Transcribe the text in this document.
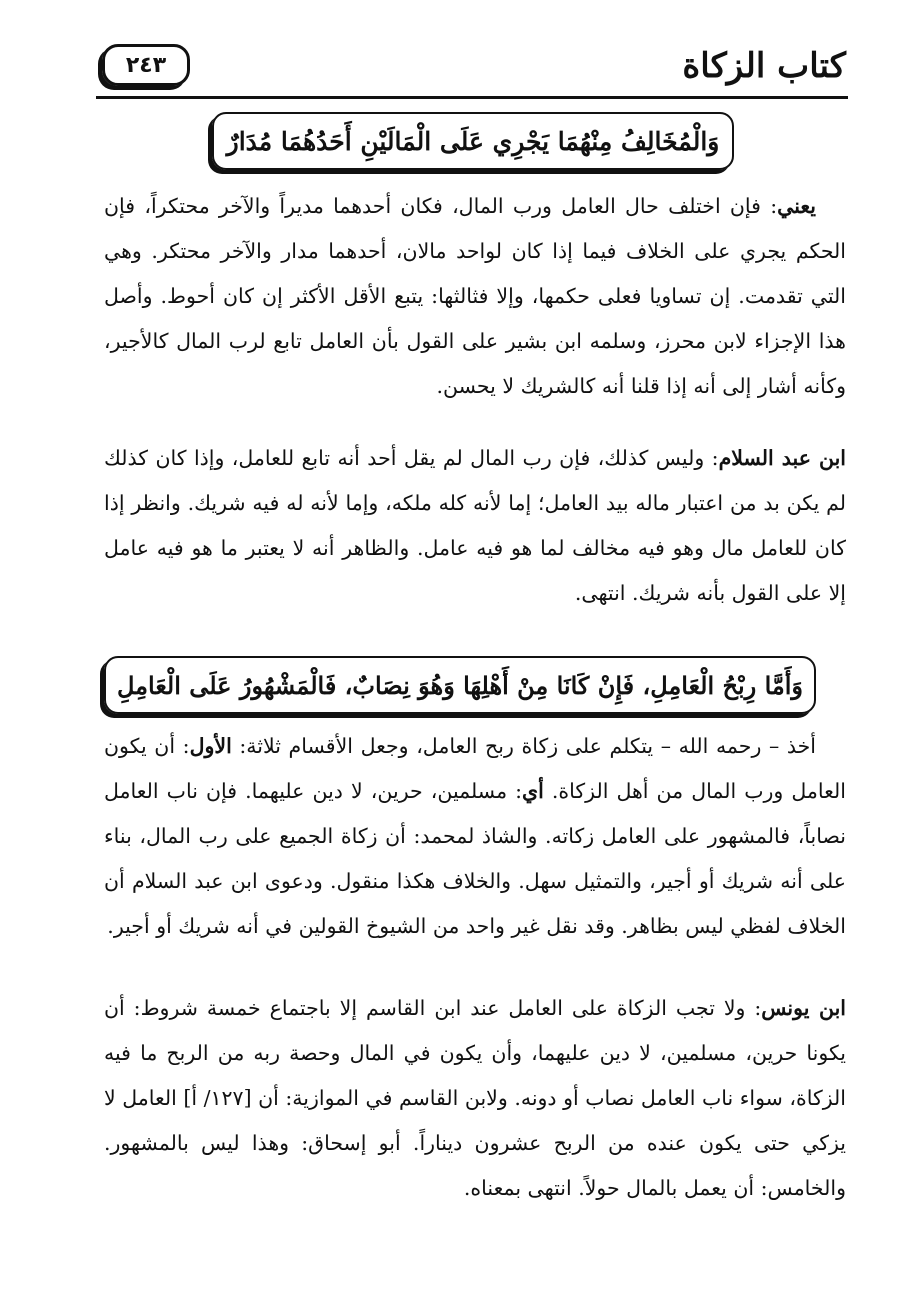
كتاب الزكاة
٢٤٣
وَالْمُخَالِفُ مِنْهُمَا يَجْرِي عَلَى الْمَالَيْنِ أَحَدُهُمَا مُدَارٌ
يعني: فإن اختلف حال العامل ورب المال، فكان أحدهما مديراً والآخر محتكراً، فإن الحكم يجري على الخلاف فيما إذا كان لواحد مالان، أحدهما مدار والآخر محتكر. وهي التي تقدمت. إن تساويا فعلى حكمها، وإلا فثالثها: يتبع الأقل الأكثر إن كان أحوط. وأصل هذا الإجزاء لابن محرز، وسلمه ابن بشير على القول بأن العامل تابع لرب المال كالأجير، وكأنه أشار إلى أنه إذا قلنا أنه كالشريك لا يحسن.
ابن عبد السلام: وليس كذلك، فإن رب المال لم يقل أحد أنه تابع للعامل، وإذا كان كذلك لم يكن بد من اعتبار ماله بيد العامل؛ إما لأنه كله ملكه، وإما لأنه له فيه شريك. وانظر إذا كان للعامل مال وهو فيه مخالف لما هو فيه عامل. والظاهر أنه لا يعتبر ما هو فيه عامل إلا على القول بأنه شريك. انتهى.
وَأَمَّا رِبْحُ الْعَامِلِ، فَإِنْ كَانَا مِنْ أَهْلِهَا وَهُوَ نِصَابٌ، فَالْمَشْهُورُ عَلَى الْعَامِلِ
أخذ – رحمه الله – يتكلم على زكاة ربح العامل، وجعل الأقسام ثلاثة: الأول: أن يكون العامل ورب المال من أهل الزكاة. أي: مسلمين، حرين، لا دين عليهما. فإن ناب العامل نصاباً، فالمشهور على العامل زكاته. والشاذ لمحمد: أن زكاة الجميع على رب المال، بناء على أنه شريك أو أجير، والتمثيل سهل. والخلاف هكذا منقول. ودعوى ابن عبد السلام أن الخلاف لفظي ليس بظاهر. وقد نقل غير واحد من الشيوخ القولين في أنه شريك أو أجير.
ابن يونس: ولا تجب الزكاة على العامل عند ابن القاسم إلا باجتماع خمسة شروط: أن يكونا حرين، مسلمين، لا دين عليهما، وأن يكون في المال وحصة ربه من الربح ما فيه الزكاة، سواء ناب العامل نصاب أو دونه. ولابن القاسم في الموازية: أن [١٢٧/ أ] العامل لا يزكي حتى يكون عنده من الربح عشرون ديناراً. أبو إسحاق: وهذا ليس بالمشهور. والخامس: أن يعمل بالمال حولاً. انتهى بمعناه.
